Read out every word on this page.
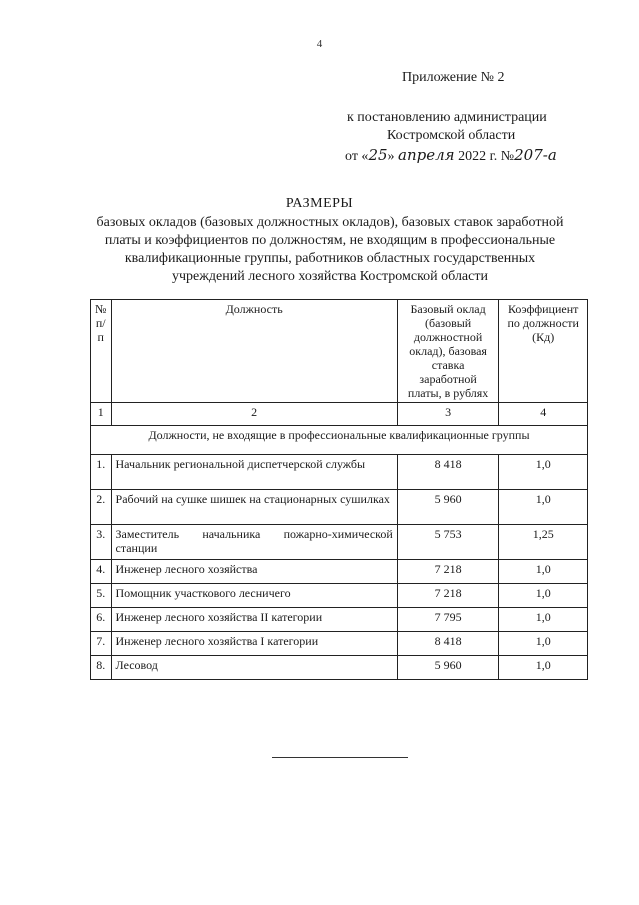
4
Приложение № 2
к постановлению администрации
Костромской области
от «25» апреля 2022 г. №207-а
РАЗМЕРЫ
базовых окладов (базовых должностных окладов), базовых ставок заработной платы и коэффициентов по должностям, не входящим в профессиональные квалификационные группы, работников областных государственных учреждений лесного хозяйства Костромской области
№ п/п	Должность	Базовый оклад (базовый должностной оклад), базовая ставка заработной платы, в рублях	Коэффициент по должности (Кд)
1	2	3	4
Должности, не входящие в профессиональные квалификационные группы			
1.	Начальник региональной диспетчерской службы	8 418	1,0
2.	Рабочий на сушке шишек на стационарных сушилках	5 960	1,0
3.	Заместитель начальника пожарно-химической станции	5 753	1,25
4.	Инженер лесного хозяйства	7 218	1,0
5.	Помощник участкового лесничего	7 218	1,0
6.	Инженер лесного хозяйства II категории	7 795	1,0
7.	Инженер лесного хозяйства I категории	8 418	1,0
8.	Лесовод	5 960	1,0
